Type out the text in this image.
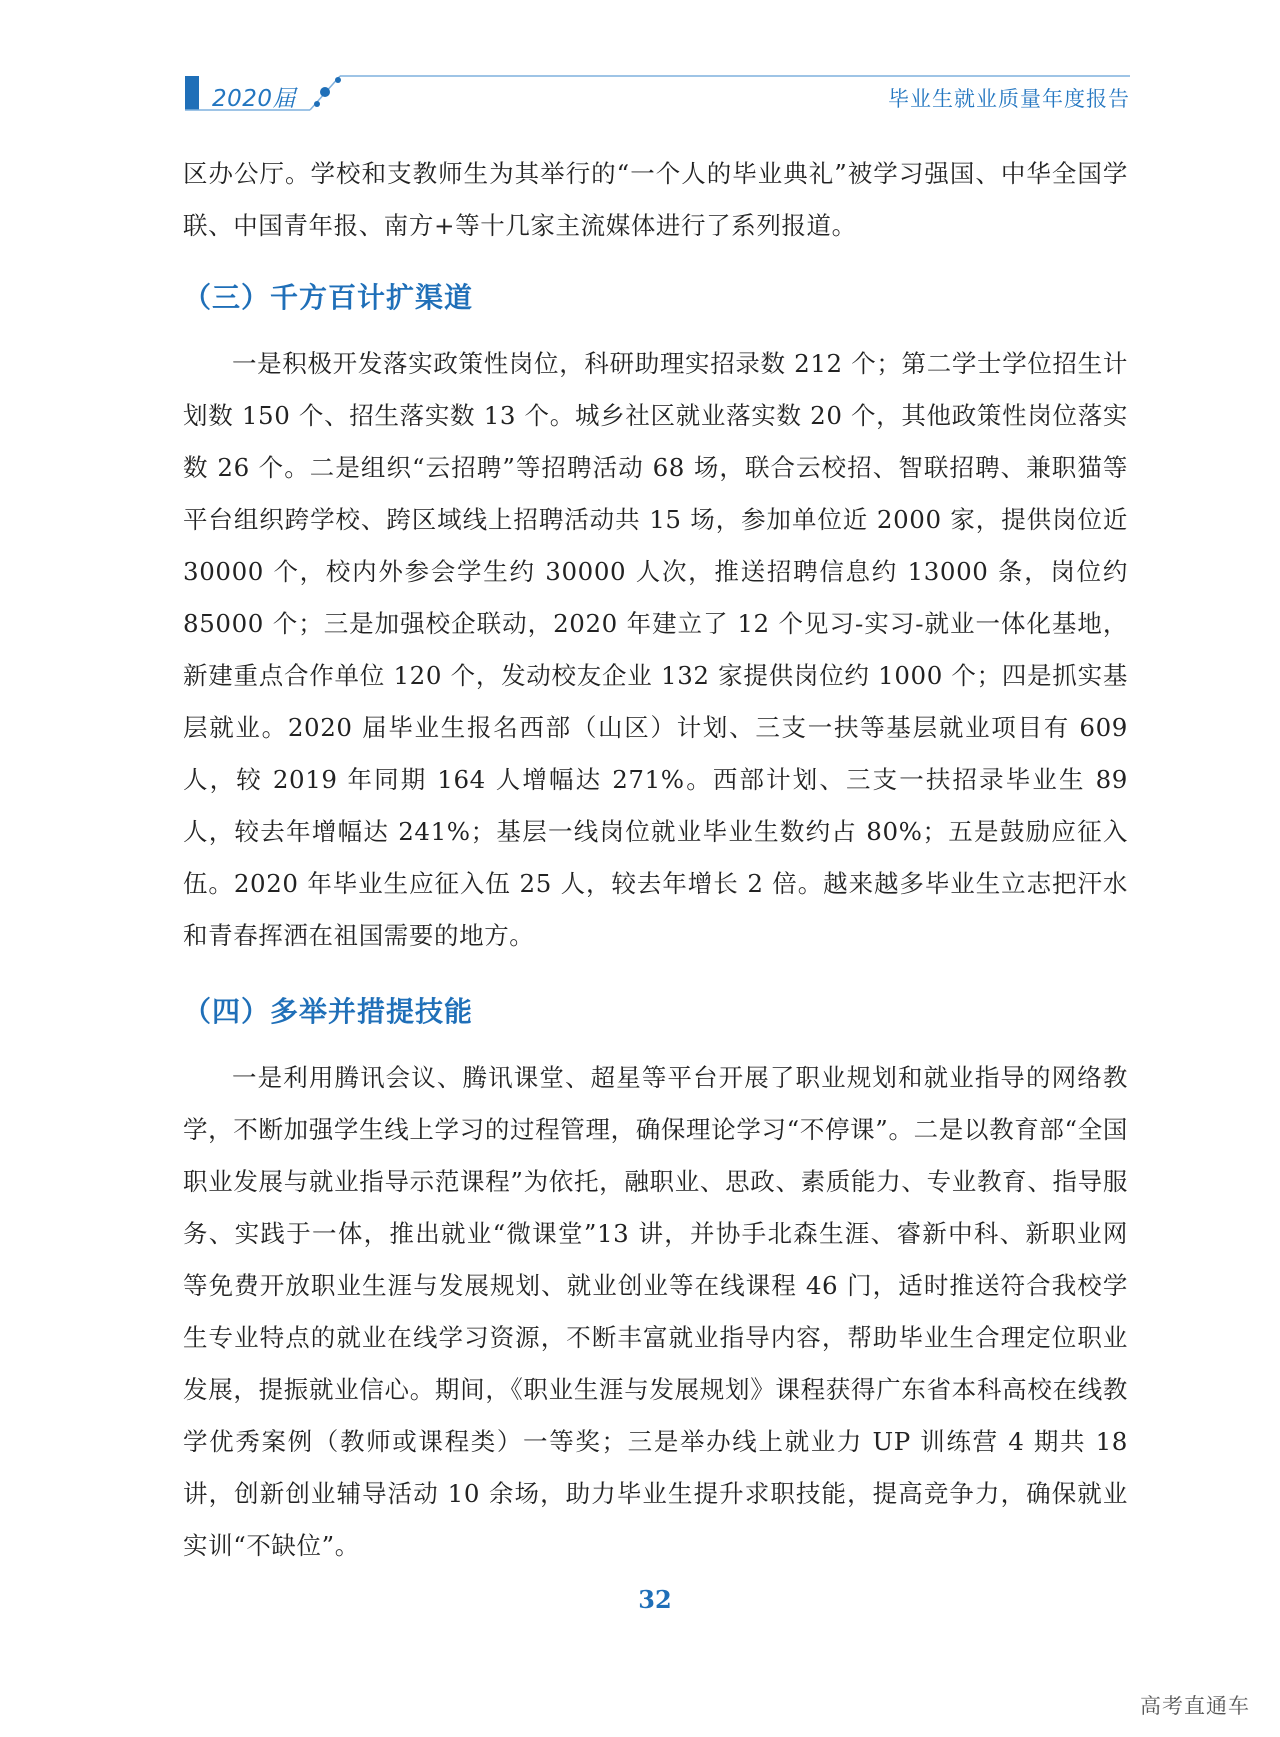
2020届	毕业生就业质量年度报告

区办公厅。学校和支教师生为其举行的“一个人的毕业典礼”被学习强国、中华全国学联、中国青年报、南方+等十几家主流媒体进行了系列报道。

（三）千方百计扩渠道

一是积极开发落实政策性岗位，科研助理实招录数 212 个；第二学士学位招生计划数 150 个、招生落实数 13 个。城乡社区就业落实数 20 个，其他政策性岗位落实数 26 个。二是组织“云招聘”等招聘活动 68 场，联合云校招、智联招聘、兼职猫等平台组织跨学校、跨区域线上招聘活动共 15 场，参加单位近 2000 家，提供岗位近 30000 个，校内外参会学生约 30000 人次，推送招聘信息约 13000 条，岗位约 85000 个；三是加强校企联动，2020 年建立了 12 个见习-实习-就业一体化基地，新建重点合作单位 120 个，发动校友企业 132 家提供岗位约 1000 个；四是抓实基层就业。2020 届毕业生报名西部（山区）计划、三支一扶等基层就业项目有 609 人，较 2019 年同期 164 人增幅达 271%。西部计划、三支一扶招录毕业生 89 人，较去年增幅达 241%；基层一线岗位就业毕业生数约占 80%；五是鼓励应征入伍。2020 年毕业生应征入伍 25 人，较去年增长 2 倍。越来越多毕业生立志把汗水和青春挥洒在祖国需要的地方。

（四）多举并措提技能

一是利用腾讯会议、腾讯课堂、超星等平台开展了职业规划和就业指导的网络教学，不断加强学生线上学习的过程管理，确保理论学习“不停课”。二是以教育部“全国职业发展与就业指导示范课程”为依托，融职业、思政、素质能力、专业教育、指导服务、实践于一体，推出就业“微课堂”13 讲，并协手北森生涯、睿新中科、新职业网等免费开放职业生涯与发展规划、就业创业等在线课程 46 门，适时推送符合我校学生专业特点的就业在线学习资源，不断丰富就业指导内容，帮助毕业生合理定位职业发展，提振就业信心。期间，《职业生涯与发展规划》课程获得广东省本科高校在线教学优秀案例（教师或课程类）一等奖；三是举办线上就业力 UP 训练营 4 期共 18 讲，创新创业辅导活动 10 余场，助力毕业生提升求职技能，提高竞争力，确保就业实训“不缺位”。

32
高考直通车
